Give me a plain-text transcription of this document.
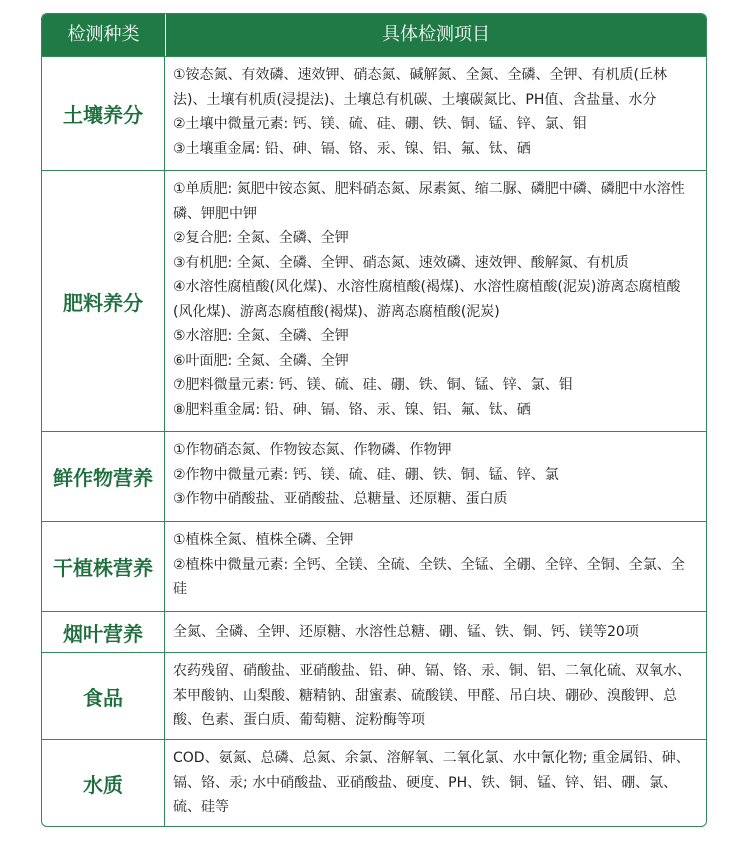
检测种类	具体检测项目
土壤养分
①铵态氮、有效磷、速效钾、硝态氮、碱解氮、全氮、全磷、全钾、有机质(丘林法)、土壤有机质(浸提法)、土壤总有机碳、土壤碳氮比、PH值、含盐量、水分
②土壤中微量元素: 钙、镁、硫、硅、硼、铁、铜、锰、锌、氯、钼
③土壤重金属: 铅、砷、镉、铬、汞、镍、铝、氟、钛、硒
肥料养分
①单质肥: 氮肥中铵态氮、肥料硝态氮、尿素氮、缩二脲、磷肥中磷、磷肥中水溶性磷、钾肥中钾
②复合肥: 全氮、全磷、全钾
③有机肥: 全氮、全磷、全钾、硝态氮、速效磷、速效钾、酸解氮、有机质
④水溶性腐植酸(风化煤)、水溶性腐植酸(褐煤)、水溶性腐植酸(泥炭)游离态腐植酸(风化煤)、游离态腐植酸(褐煤)、游离态腐植酸(泥炭)
⑤水溶肥: 全氮、全磷、全钾
⑥叶面肥: 全氮、全磷、全钾
⑦肥料微量元素: 钙、镁、硫、硅、硼、铁、铜、锰、锌、氯、钼
⑧肥料重金属: 铅、砷、镉、铬、汞、镍、铝、氟、钛、硒
鲜作物营养
①作物硝态氮、作物铵态氮、作物磷、作物钾
②作物中微量元素: 钙、镁、硫、硅、硼、铁、铜、锰、锌、氯
③作物中硝酸盐、亚硝酸盐、总糖量、还原糖、蛋白质
干植株营养
①植株全氮、植株全磷、全钾
②植株中微量元素: 全钙、全镁、全硫、全铁、全锰、全硼、全锌、全铜、全氯、全硅
烟叶营养	全氮、全磷、全钾、还原糖、水溶性总糖、硼、锰、铁、铜、钙、镁等20项
食品
农药残留、硝酸盐、亚硝酸盐、铅、砷、镉、铬、汞、铜、铝、二氧化硫、双氧水、苯甲酸钠、山梨酸、糖精钠、甜蜜素、硫酸镁、甲醛、吊白块、硼砂、溴酸钾、总酸、色素、蛋白质、葡萄糖、淀粉酶等项
水质
COD、氨氮、总磷、总氮、余氯、溶解氧、二氧化氯、水中氰化物; 重金属铅、砷、镉、铬、汞; 水中硝酸盐、亚硝酸盐、硬度、PH、铁、铜、锰、锌、铝、硼、氯、硫、硅等
